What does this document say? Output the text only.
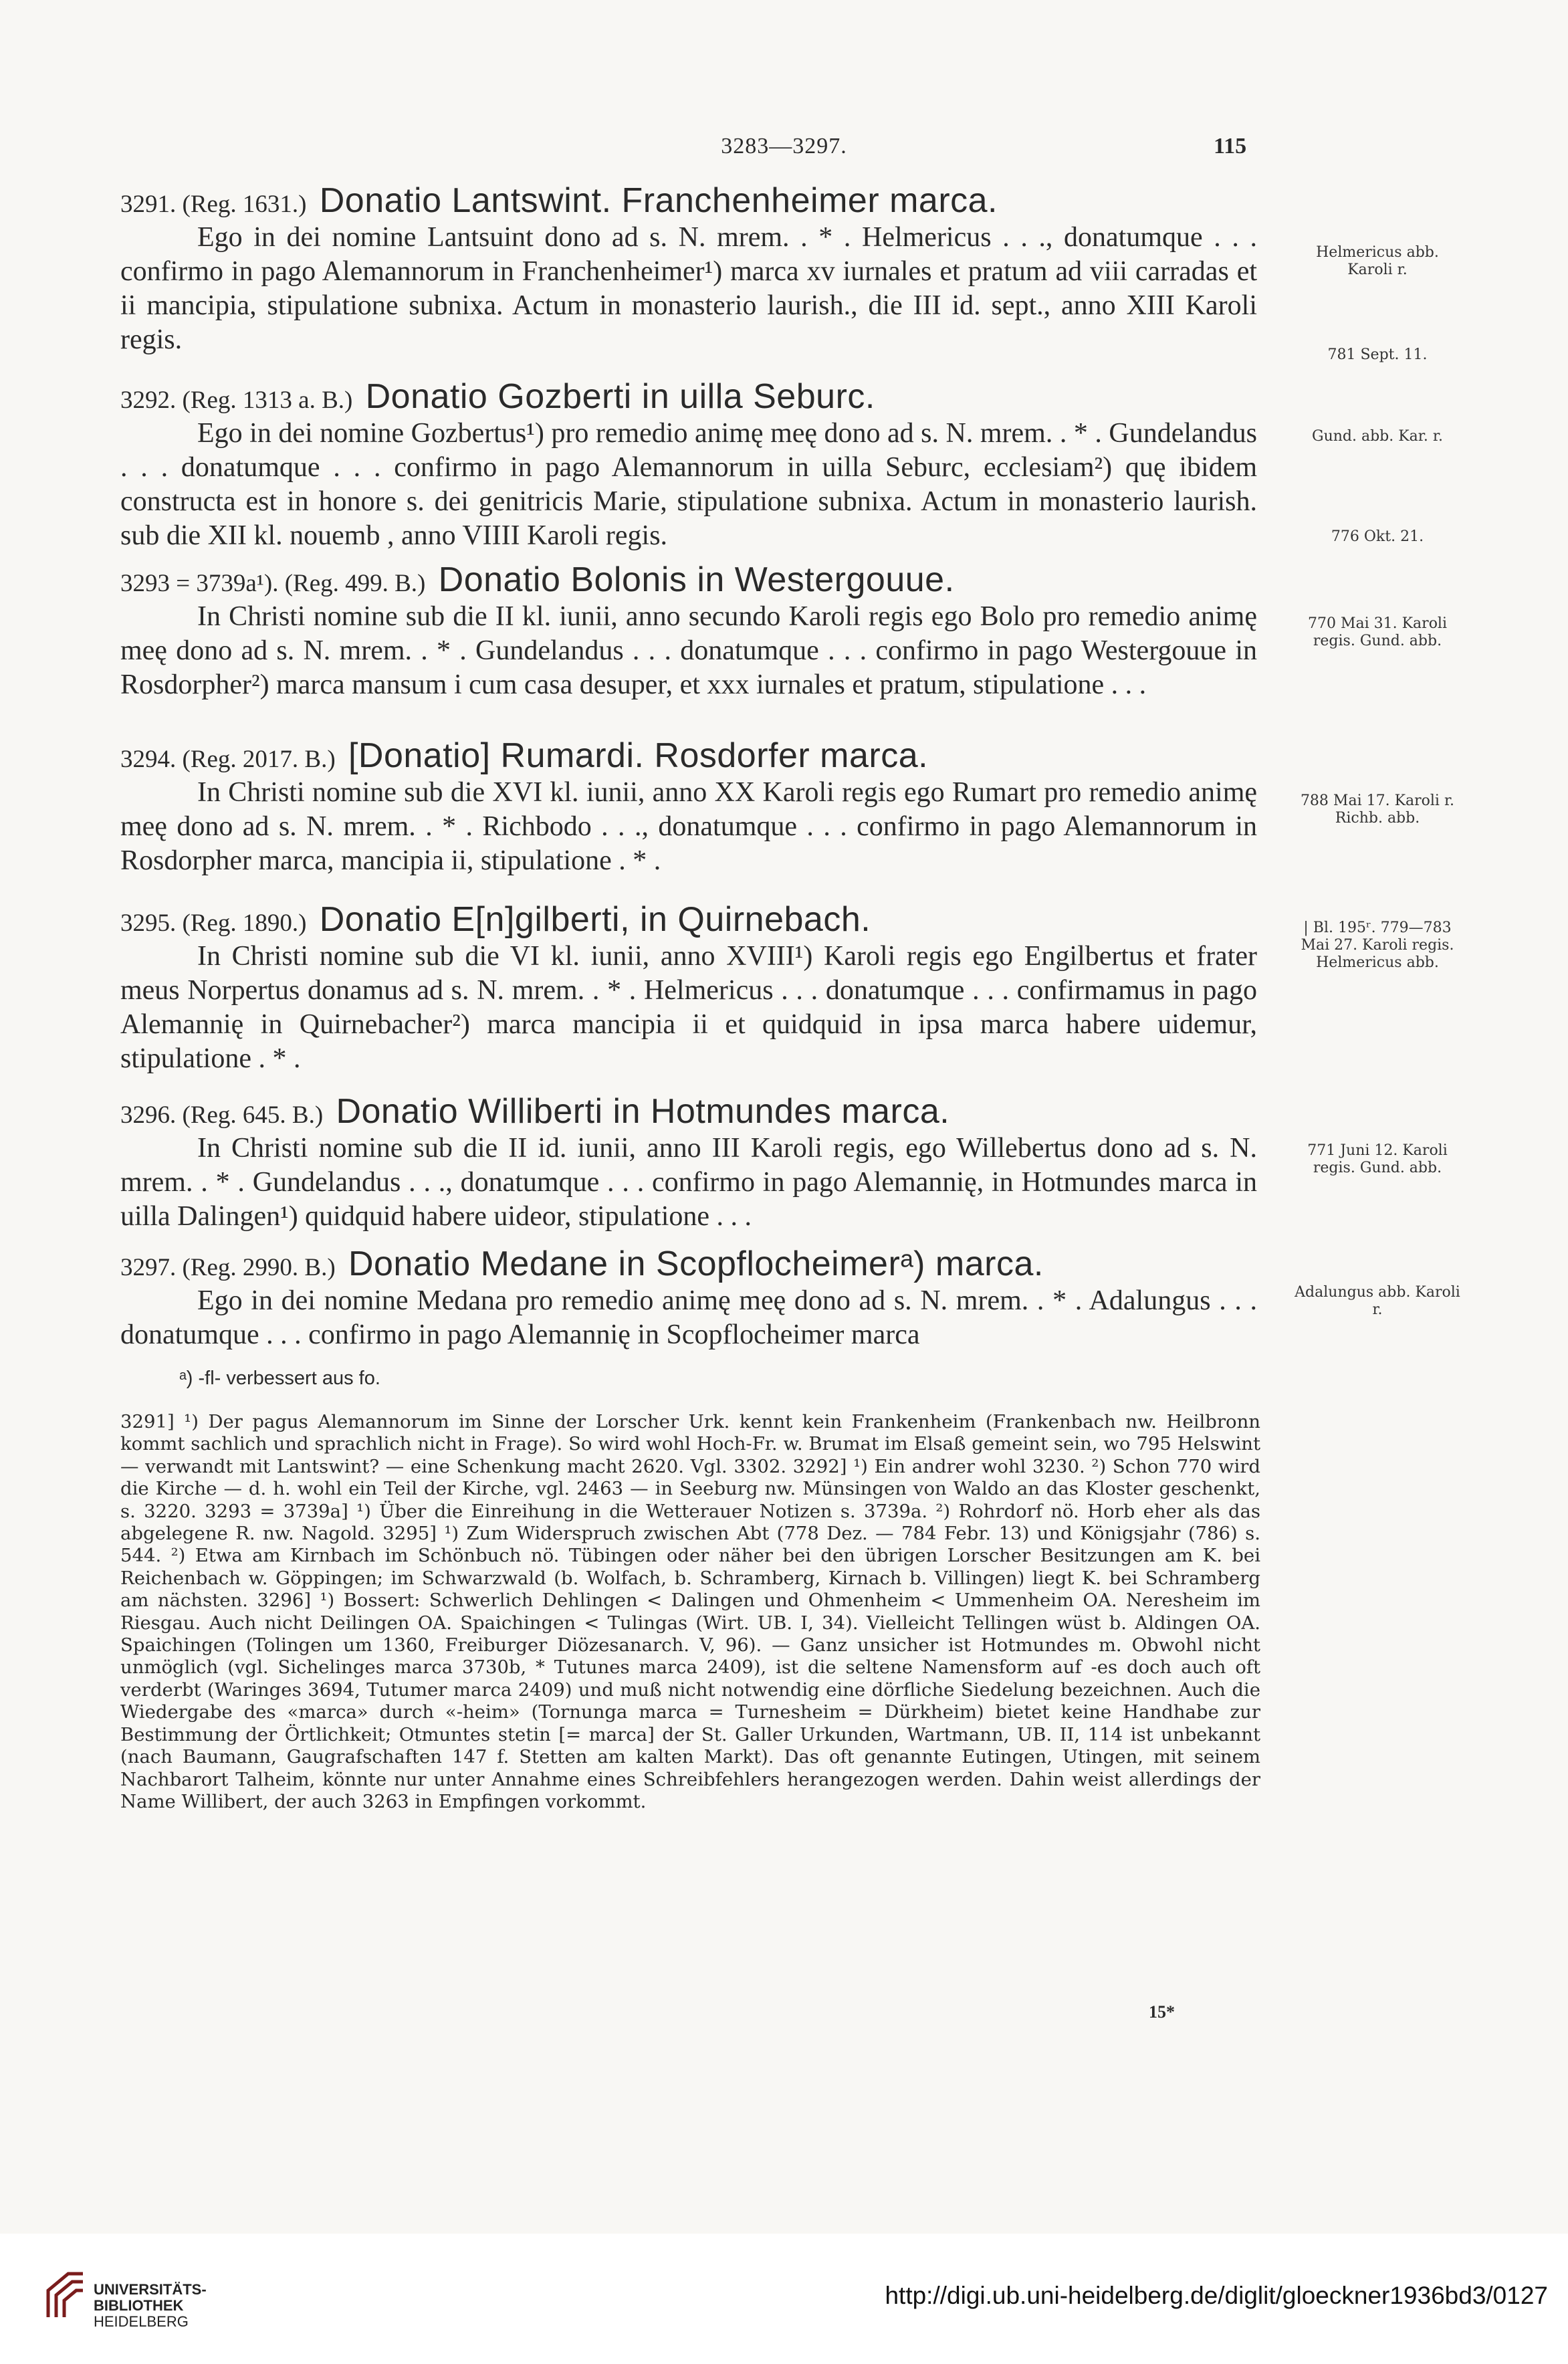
3283—3297.	115

3291. (Reg. 1631.) Donatio Lantswint. Franchenheimer marca.

Ego in dei nomine Lantsuint dono ad s. N. mrem. . * . Helmericus . . ., donatumque . . . confirmo in pago Alemannorum in Franchenheimer¹) marca xv iurnales et pratum ad viii carradas et ii mancipia, stipulatione subnixa. Actum in monasterio laurish., die III id. sept., anno XIII Karoli regis.

Helmericus abb. Karoli r.
781 Sept. 11.

3292. (Reg. 1313 a. B.) Donatio Gozberti in uilla Seburc.

Ego in dei nomine Gozbertus¹) pro remedio animę meę dono ad s. N. mrem. . * . Gundelandus . . . donatumque . . . confirmo in pago Alemannorum in uilla Seburc, ecclesiam²) quę ibidem constructa est in honore s. dei genitricis Marie, stipulatione subnixa. Actum in monasterio laurish. sub die XII kl. nouemb , anno VIIII Karoli regis.

Gund. abb. Kar. r.
776 Okt. 21.

3293 = 3739a¹). (Reg. 499. B.) Donatio Bolonis in Westergouue.

In Christi nomine sub die II kl. iunii, anno secundo Karoli regis ego Bolo pro remedio animę meę dono ad s. N. mrem. . * . Gundelandus . . . donatumque . . . confirmo in pago Westergouue in Rosdorpher²) marca mansum i cum casa desuper, et xxx iurnales et pratum, stipulatione . . .

770 Mai 31. Karoli regis. Gund. abb.

3294. (Reg. 2017. B.) [Donatio] Rumardi. Rosdorfer marca.

In Christi nomine sub die XVI kl. iunii, anno XX Karoli regis ego Rumart pro remedio animę meę dono ad s. N. mrem. . * . Richbodo . . ., donatumque . . . confirmo in pago Alemannorum in Rosdorpher marca, mancipia ii, stipulatione . * .

788 Mai 17. Karoli r. Richb. abb.

3295. (Reg. 1890.) Donatio E[n]gilberti, in Quirnebach.

In Christi nomine sub die VI kl. iunii, anno XVIII¹) Karoli regis ego Engilbertus et frater meus Norpertus donamus ad s. N. mrem. . * . Helmericus . . . donatumque . . . confirmamus in pago Alemannię in Quirnebacher²) marca mancipia ii et quidquid in ipsa marca habere uidemur, stipulatione . * .

| Bl. 195ʳ. 779—783 Mai 27. Karoli regis. Helmericus abb.

3296. (Reg. 645. B.) Donatio Williberti in Hotmundes marca.

In Christi nomine sub die II id. iunii, anno III Karoli regis, ego Willebertus dono ad s. N. mrem. . * . Gundelandus . . ., donatumque . . . confirmo in pago Alemannię, in Hotmundes marca in uilla Dalingen¹) quidquid habere uideor, stipulatione . . .

771 Juni 12. Karoli regis. Gund. abb.

3297. (Reg. 2990. B.) Donatio Medane in Scopflocheimerᵃ) marca.

Ego in dei nomine Medana pro remedio animę meę dono ad s. N. mrem. . * . Adalungus . . . donatumque . . . confirmo in pago Alemannię in Scopflocheimer marca

Adalungus abb. Karoli r.
ᵃ) -fl- verbessert aus fo.

3291] ¹) Der pagus Alemannorum im Sinne der Lorscher Urk. kennt kein Frankenheim (Frankenbach nw. Heilbronn kommt sachlich und sprachlich nicht in Frage). So wird wohl Hoch-Fr. w. Brumat im Elsaß gemeint sein, wo 795 Helswint — verwandt mit Lantswint? — eine Schenkung macht 2620. Vgl. 3302. 3292] ¹) Ein andrer wohl 3230. ²) Schon 770 wird die Kirche — d. h. wohl ein Teil der Kirche, vgl. 2463 — in Seeburg nw. Münsingen von Waldo an das Kloster geschenkt, s. 3220. 3293 = 3739a] ¹) Über die Einreihung in die Wetterauer Notizen s. 3739a. ²) Rohrdorf nö. Horb eher als das abgelegene R. nw. Nagold. 3295] ¹) Zum Widerspruch zwischen Abt (778 Dez. — 784 Febr. 13) und Königsjahr (786) s. 544. ²) Etwa am Kirnbach im Schönbuch nö. Tübingen oder näher bei den übrigen Lorscher Besitzungen am K. bei Reichenbach w. Göppingen; im Schwarzwald (b. Wolfach, b. Schramberg, Kirnach b. Villingen) liegt K. bei Schramberg am nächsten. 3296] ¹) Bossert: Schwerlich Dehlingen < Dalingen und Ohmenheim < Ummenheim OA. Neresheim im Riesgau. Auch nicht Deilingen OA. Spaichingen < Tulingas (Wirt. UB. I, 34). Vielleicht Tellingen wüst b. Aldingen OA. Spaichingen (Tolingen um 1360, Freiburger Diözesanarch. V, 96). — Ganz unsicher ist Hotmundes m. Obwohl nicht unmöglich (vgl. Sichelinges marca 3730b, * Tutunes marca 2409), ist die seltene Namensform auf -es doch auch oft verderbt (Waringes 3694, Tutumer marca 2409) und muß nicht notwendig eine dörfliche Siedelung bezeichnen. Auch die Wiedergabe des «marca» durch «-heim» (Tornunga marca = Turnesheim = Dürkheim) bietet keine Handhabe zur Bestimmung der Örtlichkeit; Otmuntes stetin [= marca] der St. Galler Urkunden, Wartmann, UB. II, 114 ist unbekannt (nach Baumann, Gaugrafschaften 147 f. Stetten am kalten Markt). Das oft genannte Eutingen, Utingen, mit seinem Nachbarort Talheim, könnte nur unter Annahme eines Schreibfehlers herangezogen werden. Dahin weist allerdings der Name Willibert, der auch 3263 in Empfingen vorkommt.

15*
UNIVERSITÄTS-
BIBLIOTHEK
HEIDELBERG
http://digi.ub.uni-heidelberg.de/diglit/gloeckner1936bd3/0127
